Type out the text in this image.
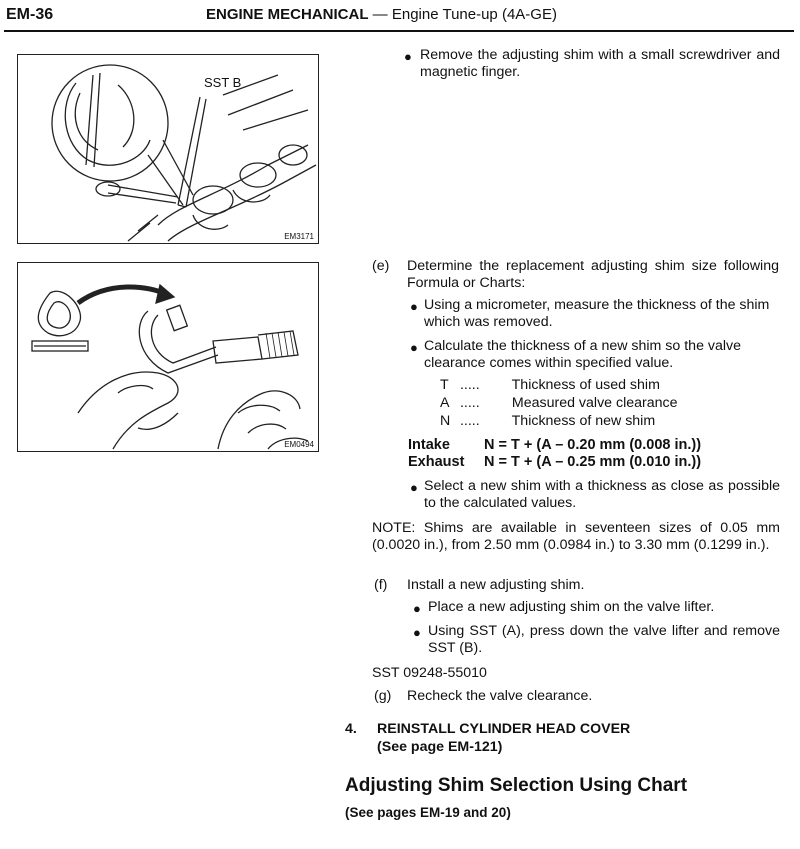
EM-36	ENGINE MECHANICAL — Engine Tune-up (4A-GE)
SST B
EM3171
EM0494
● Remove the adjusting shim with a small screwdriver and magnetic finger.
(e) Determine the replacement adjusting shim size following Formula or Charts:
● Using a micrometer, measure the thickness of the shim which was removed.
● Calculate the thickness of a new shim so the valve clearance comes within specified value.
T ..... Thickness of used shim
A ..... Measured valve clearance
N ..... Thickness of new shim
Intake N = T + (A – 0.20 mm (0.008 in.))
Exhaust N = T + (A – 0.25 mm (0.010 in.))
● Select a new shim with a thickness as close as possible to the calculated values.
NOTE: Shims are available in seventeen sizes of 0.05 mm (0.0020 in.), from 2.50 mm (0.0984 in.) to 3.30 mm (0.1299 in.).
(f) Install a new adjusting shim.
● Place a new adjusting shim on the valve lifter.
● Using SST (A), press down the valve lifter and remove SST (B).
SST 09248-55010
(g) Recheck the valve clearance.
4. REINSTALL CYLINDER HEAD COVER
(See page EM-121)
Adjusting Shim Selection Using Chart
(See pages EM-19 and 20)
